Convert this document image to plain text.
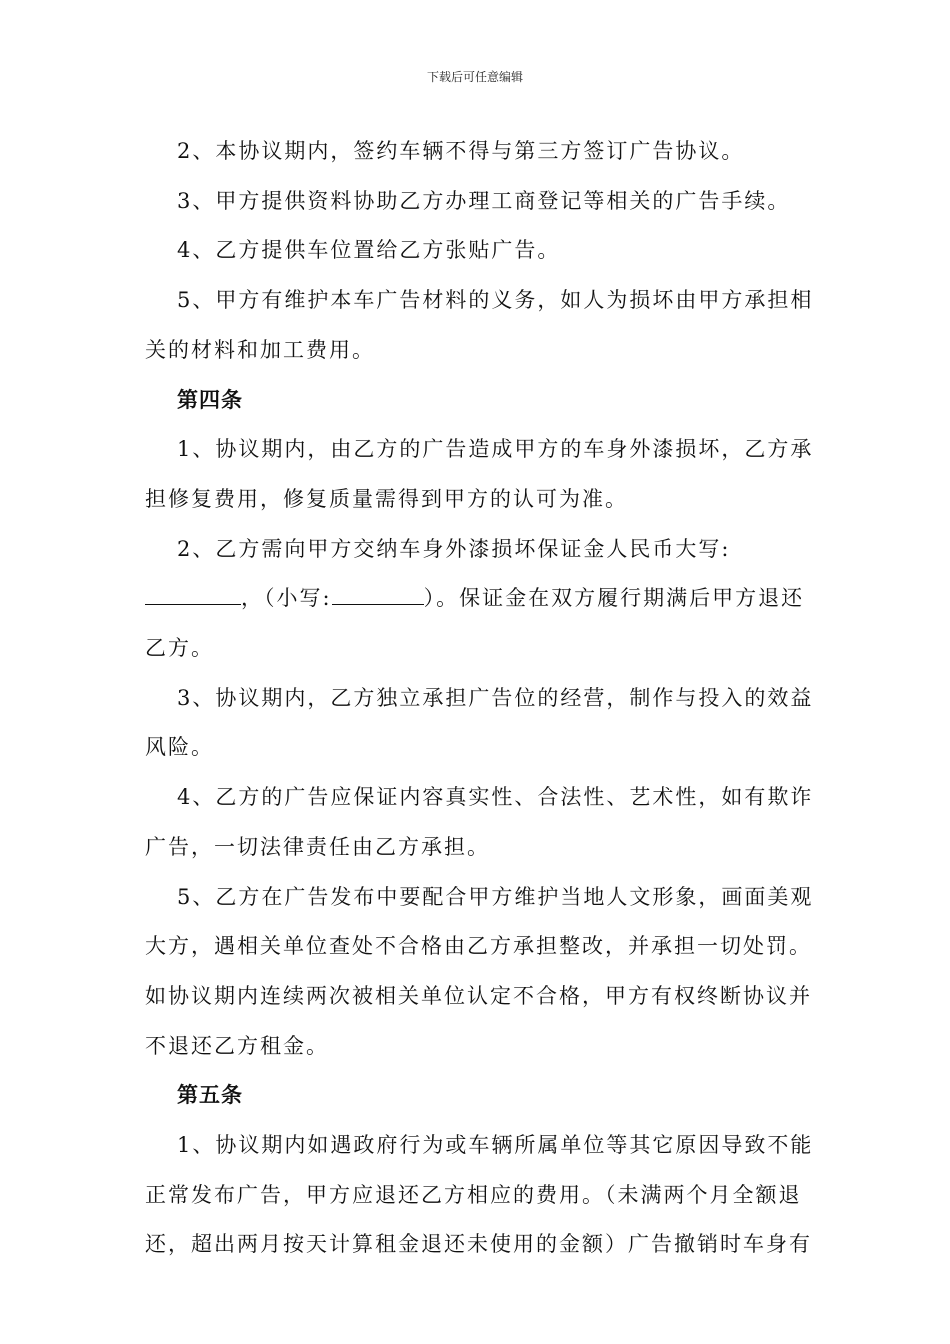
下载后可任意编辑

2、本协议期内，签约车辆不得与第三方签订广告协议。

3、甲方提供资料协助乙方办理工商登记等相关的广告手续。

4、乙方提供车位置给乙方张贴广告。

5、甲方有维护本车广告材料的义务，如人为损坏由甲方承担相关的材料和加工费用。

第四条

1、协议期内，由乙方的广告造成甲方的车身外漆损坏，乙方承担修复费用，修复质量需得到甲方的认可为准。

2、乙方需向甲方交纳车身外漆损坏保证金人民币大写:，（小写:	）。保证金在双方履行期满后甲方退还乙方。

3、协议期内，乙方独立承担广告位的经营，制作与投入的效益风险。

4、乙方的广告应保证内容真实性、合法性、艺术性，如有欺诈广告，一切法律责任由乙方承担。

5、乙方在广告发布中要配合甲方维护当地人文形象，画面美观大方，遇相关单位查处不合格由乙方承担整改，并承担一切处罚。如协议期内连续两次被相关单位认定不合格，甲方有权终断协议并不退还乙方租金。

第五条

1、协议期内如遇政府行为或车辆所属单位等其它原因导致不能正常发布广告，甲方应退还乙方相应的费用。（未满两个月全额退还，超出两月按天计算租金退还未使用的金额）广告撤销时车身有
